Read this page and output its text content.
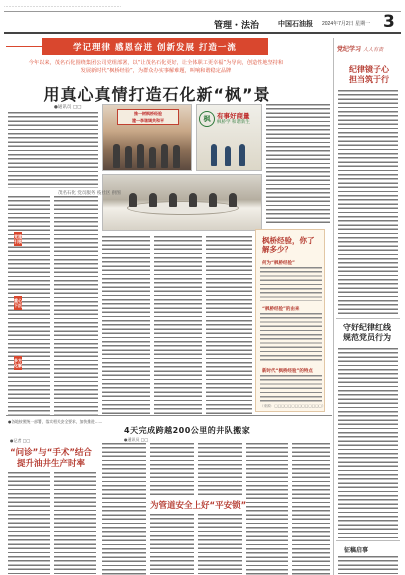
……………………………………………………………………
管理・法治	中国石油报 2024年7月2日 星期一 3
学记理律 感恩奋进 创新发展 打造一流
今年以来，茂名石化围绕集团公司党组部署，以“让茂名石化更好，让全体职工更幸福”为导向，创造性地坚持和发展新时代“枫桥经验”，为群众办实事解难题，叫响和谐稳定品牌
用真心真情打造石化新“枫”景
●通讯员 □□
推一树枫桥经验
建一李谐调共和平	枫	有事好商量
枫桥学 和谐新生
茂名石化 党员服务 枝社区 供图
党建引领
重心下沉
多方化解
枫桥经验，你了解多少？
何为“枫桥经验”
“枫桥经验”的由来
新时代“枫桥经验”的特点
（来源：□□□□□□□□□□□□□□）
党纪学习 人人有责
纪律镜子心
担当筑于行
守好纪律红线
规范党员行为
征稿启事
●各地按照统一部署，落实相关安全要求，加快推进……
4天完成跨越200公里的井队搬家
“问诊”与“手术”结合
提升油井生产时率
●记者 □□	●通讯员 □□
为管道安全上好“平安锁”
